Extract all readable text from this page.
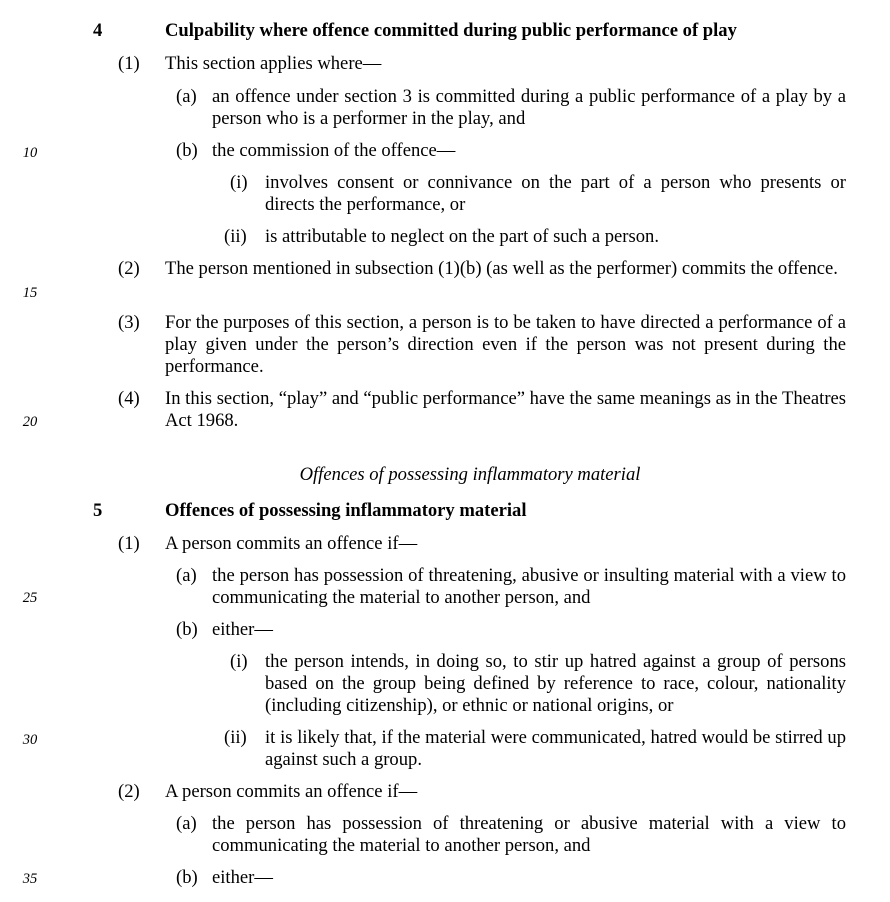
10
15
20
25
30
35
4	Culpability where offence committed during public performance of play
(1) This section applies where—
(a) an offence under section 3 is committed during a public performance of a play by a person who is a performer in the play, and
(b) the commission of the offence—
(i) involves consent or connivance on the part of a person who presents or directs the performance, or
(ii) is attributable to neglect on the part of such a person.
(2) The person mentioned in subsection (1)(b) (as well as the performer) commits the offence.
(3) For the purposes of this section, a person is to be taken to have directed a performance of a play given under the person’s direction even if the person was not present during the performance.
(4) In this section, “play” and “public performance” have the same meanings as in the Theatres Act 1968.
Offences of possessing inflammatory material
5	Offences of possessing inflammatory material
(1) A person commits an offence if—
(a) the person has possession of threatening, abusive or insulting material with a view to communicating the material to another person, and
(b) either—
(i) the person intends, in doing so, to stir up hatred against a group of persons based on the group being defined by reference to race, colour, nationality (including citizenship), or ethnic or national origins, or
(ii) it is likely that, if the material were communicated, hatred would be stirred up against such a group.
(2) A person commits an offence if—
(a) the person has possession of threatening or abusive material with a view to communicating the material to another person, and
(b) either—
